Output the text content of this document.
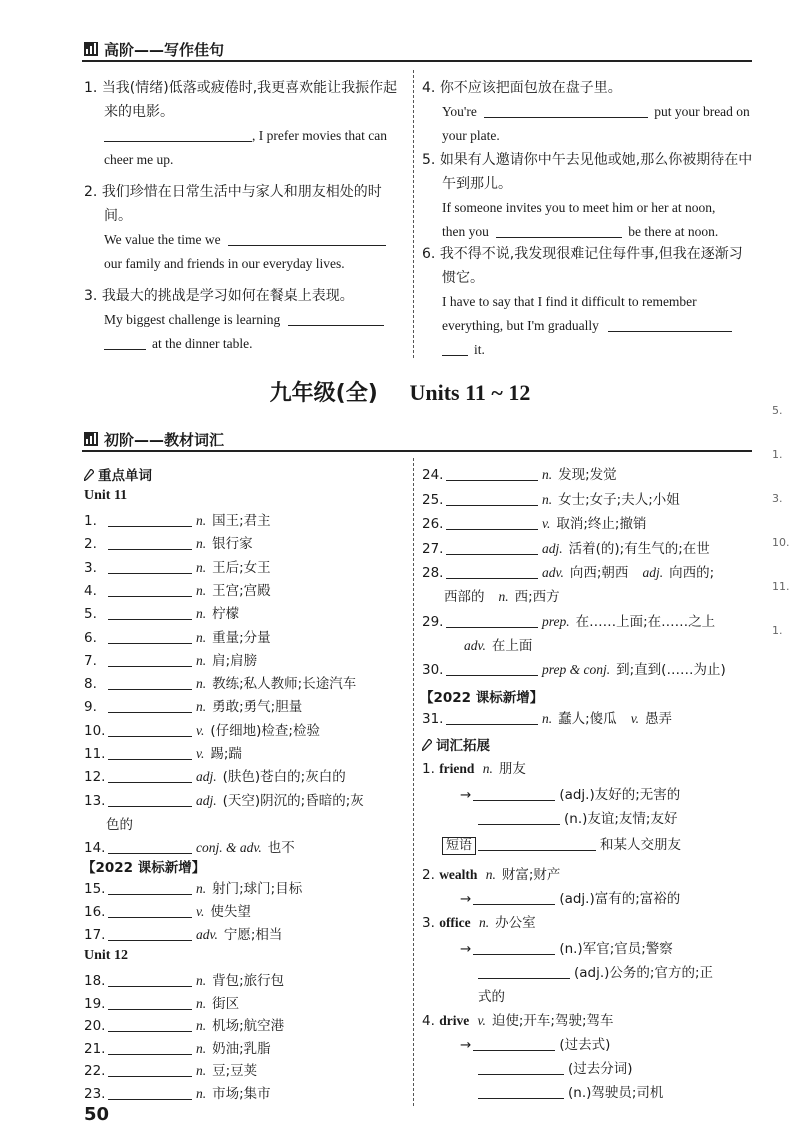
高阶——写作佳句
1. 当我(情绪)低落或疲倦时,我更喜欢能让我振作起来的电影。
, I prefer movies that can
cheer me up.
2. 我们珍惜在日常生活中与家人和朋友相处的时间。
We value the time we
our family and friends in our everyday lives.
3. 我最大的挑战是学习如何在餐桌上表现。
My biggest challenge is learning
at the dinner table.
4. 你不应该把面包放在盘子里。
You're	put your bread on
your plate.
5. 如果有人邀请你中午去见他或她,那么你被期待在中午到那儿。
If someone invites you to meet him or her at noon,
then you	be there at noon.
6. 我不得不说,我发现很难记住每件事,但我在逐渐习惯它。
I have to say that I find it difficult to remember
everything, but I'm gradually
it.
九年级(全) Units 11 ~ 12
初阶——教材词汇
重点单词
Unit 11
1.	n. 国王;君主
2.	n. 银行家
3.	n. 王后;女王
4.	n. 王宫;宫殿
5.	n. 柠檬
6.	n. 重量;分量
7.	n. 肩;肩膀
8.	n. 教练;私人教师;长途汽车
9.	n. 勇敢;勇气;胆量
10.	v. (仔细地)检查;检验
11.	v. 踢;踹
12.	adj. (肤色)苍白的;灰白的
13.	adj. (天空)阴沉的;昏暗的;灰
色的
14.	conj. & adv. 也不
【2022 课标新增】
15.	n. 射门;球门;目标
16.	v. 使失望
17.	adv. 宁愿;相当
Unit 12
18.	n. 背包;旅行包
19.	n. 街区
20.	n. 机场;航空港
21.	n. 奶油;乳脂
22.	n. 豆;豆荚
23.	n. 市场;集市
24.	n. 发现;发觉
25.	n. 女士;女子;夫人;小姐
26.	v. 取消;终止;撤销
27.	adj. 活着(的);有生气的;在世
28.	adv. 向西;朝西 adj. 向西的;
西部的 n. 西;西方
29.	prep. 在……上面;在……之上
adv. 在上面
30.	prep & conj. 到;直到(……为止)
【2022 课标新增】
31.	n. 蠢人;傻瓜 v. 愚弄
词汇拓展
1. friend n. 朋友
→	(adj.)友好的;无害的
(n.)友谊;友情;友好
短语	和某人交朋友
2. wealth n. 财富;财产
→	(adj.)富有的;富裕的
3. office n. 办公室
→	(n.)军官;官员;警察
(adj.)公务的;官方的;正
式的
4. drive v. 迫使;开车;驾驶;驾车
→	(过去式)
(过去分词)
(n.)驾驶员;司机
50
5.
1.
3.
10.
11.
1.
